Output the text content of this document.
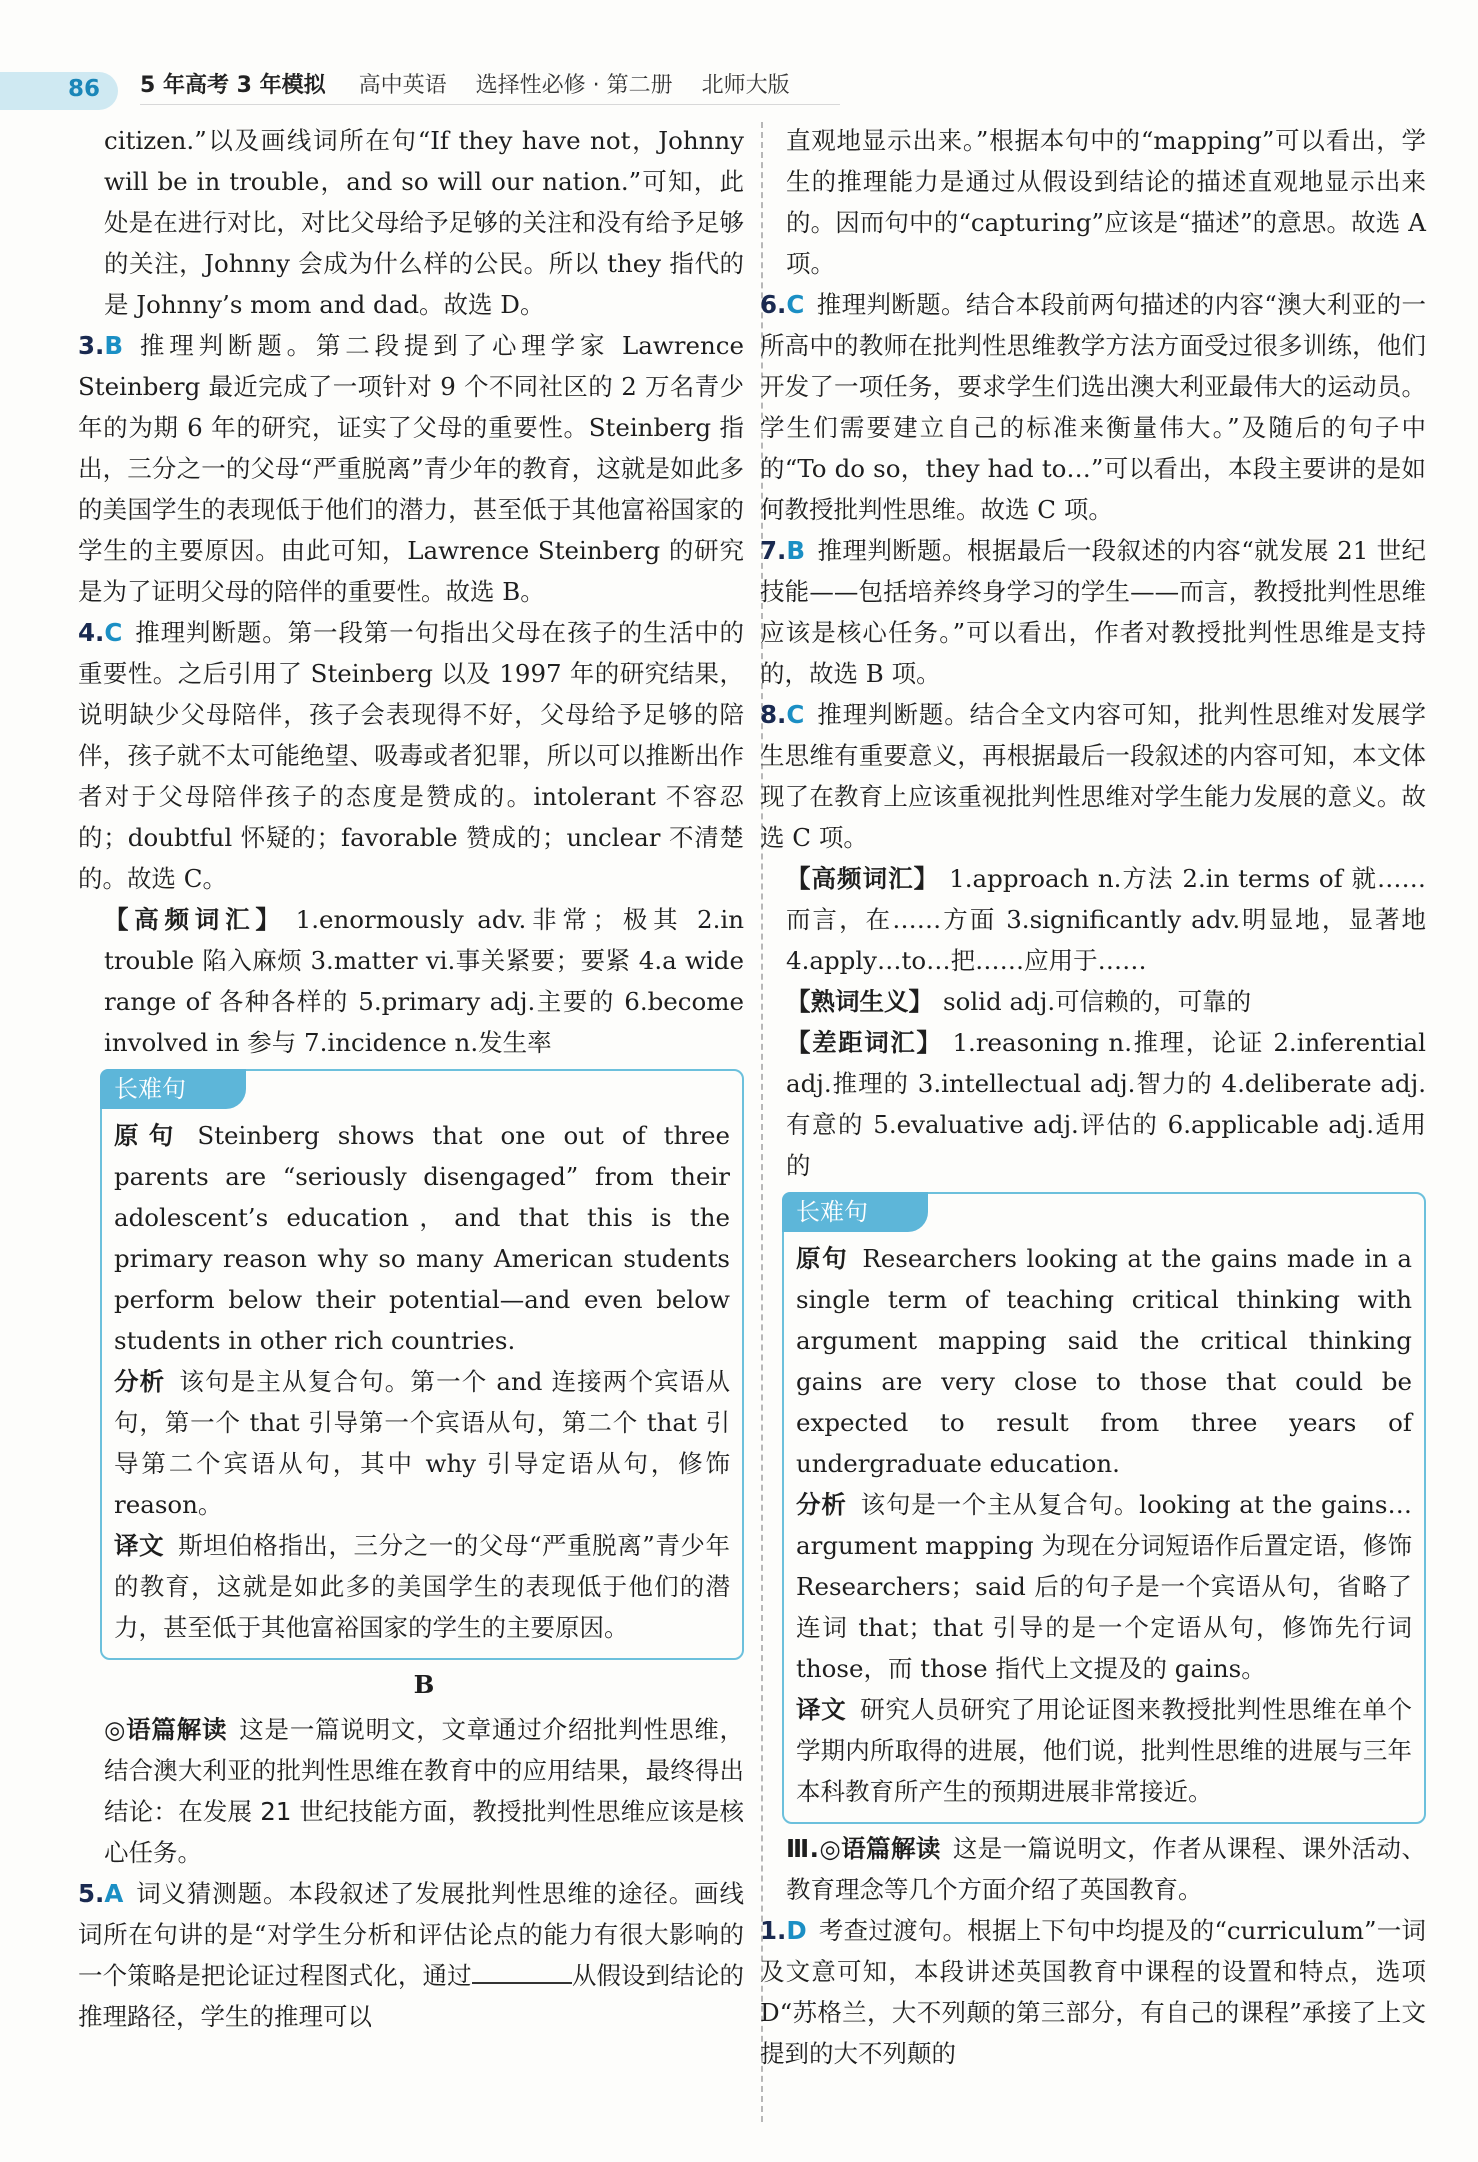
86 5 年高考 3 年模拟 高中英语 选择性必修 · 第二册 北师大版

citizen.”以及画线词所在句“If they have not，Johnny will be in trouble，and so will our nation.”可知，此处是在进行对比，对比父母给予足够的关注和没有给予足够的关注，Johnny 会成为什么样的公民。所以 they 指代的是 Johnny’s mom and dad。故选 D。

3.B 推理判断题。第二段提到了心理学家 Lawrence Steinberg 最近完成了一项针对 9 个不同社区的 2 万名青少年的为期 6 年的研究，证实了父母的重要性。Steinberg 指出，三分之一的父母“严重脱离”青少年的教育，这就是如此多的美国学生的表现低于他们的潜力，甚至低于其他富裕国家的学生的主要原因。由此可知，Lawrence Steinberg 的研究是为了证明父母的陪伴的重要性。故选 B。

4.C 推理判断题。第一段第一句指出父母在孩子的生活中的重要性。之后引用了 Steinberg 以及 1997 年的研究结果，说明缺少父母陪伴，孩子会表现得不好，父母给予足够的陪伴，孩子就不太可能绝望、吸毒或者犯罪，所以可以推断出作者对于父母陪伴孩子的态度是赞成的。intolerant 不容忍的；doubtful 怀疑的；favorable 赞成的；unclear 不清楚的。故选 C。

【高频词汇】 1.enormously adv.非常；极其 2.in trouble 陷入麻烦 3.matter vi.事关紧要；要紧 4.a wide range of 各种各样的 5.primary adj.主要的 6.become involved in 参与 7.incidence n.发生率

长难句

原句 Steinberg shows that one out of three parents are “seriously disengaged” from their adolescent’s education，and that this is the primary reason why so many American students perform below their potential—and even below students in other rich countries.

分析 该句是主从复合句。第一个 and 连接两个宾语从句，第一个 that 引导第一个宾语从句，第二个 that 引导第二个宾语从句，其中 why 引导定语从句，修饰 reason。

译文 斯坦伯格指出，三分之一的父母“严重脱离”青少年的教育，这就是如此多的美国学生的表现低于他们的潜力，甚至低于其他富裕国家的学生的主要原因。

B

◎语篇解读 这是一篇说明文，文章通过介绍批判性思维，结合澳大利亚的批判性思维在教育中的应用结果，最终得出结论：在发展 21 世纪技能方面，教授批判性思维应该是核心任务。

5.A 词义猜测题。本段叙述了发展批判性思维的途径。画线词所在句讲的是“对学生分析和评估论点的能力有很大影响的一个策略是把论证过程图式化，通过	从假设到结论的推理路径，学生的推理可以

直观地显示出来。”根据本句中的“mapping”可以看出，学生的推理能力是通过从假设到结论的描述直观地显示出来的。因而句中的“capturing”应该是“描述”的意思。故选 A 项。

6.C 推理判断题。结合本段前两句描述的内容“澳大利亚的一所高中的教师在批判性思维教学方法方面受过很多训练，他们开发了一项任务，要求学生们选出澳大利亚最伟大的运动员。学生们需要建立自己的标准来衡量伟大。”及随后的句子中的“To do so，they had to…”可以看出，本段主要讲的是如何教授批判性思维。故选 C 项。

7.B 推理判断题。根据最后一段叙述的内容“就发展 21 世纪技能——包括培养终身学习的学生——而言，教授批判性思维应该是核心任务。”可以看出，作者对教授批判性思维是支持的，故选 B 项。

8.C 推理判断题。结合全文内容可知，批判性思维对发展学生思维有重要意义，再根据最后一段叙述的内容可知，本文体现了在教育上应该重视批判性思维对学生能力发展的意义。故选 C 项。

【高频词汇】 1.approach n.方法 2.in terms of 就……而言，在……方面 3.significantly adv.明显地，显著地 4.apply…to…把……应用于……

【熟词生义】 solid adj.可信赖的，可靠的

【差距词汇】 1.reasoning n.推理，论证 2.inferential adj.推理的 3.intellectual adj.智力的 4.deliberate adj.有意的 5.evaluative adj.评估的 6.applicable adj.适用的

长难句

原句 Researchers looking at the gains made in a single term of teaching critical thinking with argument mapping said the critical thinking gains are very close to those that could be expected to result from three years of undergraduate education.

分析 该句是一个主从复合句。looking at the gains…argument mapping 为现在分词短语作后置定语，修饰 Researchers；said 后的句子是一个宾语从句，省略了连词 that；that 引导的是一个定语从句，修饰先行词 those，而 those 指代上文提及的 gains。

译文 研究人员研究了用论证图来教授批判性思维在单个学期内所取得的进展，他们说，批判性思维的进展与三年本科教育所产生的预期进展非常接近。

Ⅲ.◎语篇解读 这是一篇说明文，作者从课程、课外活动、教育理念等几个方面介绍了英国教育。

1.D 考查过渡句。根据上下句中均提及的“curriculum”一词及文意可知，本段讲述英国教育中课程的设置和特点，选项 D“苏格兰，大不列颠的第三部分，有自己的课程”承接了上文提到的大不列颠的
